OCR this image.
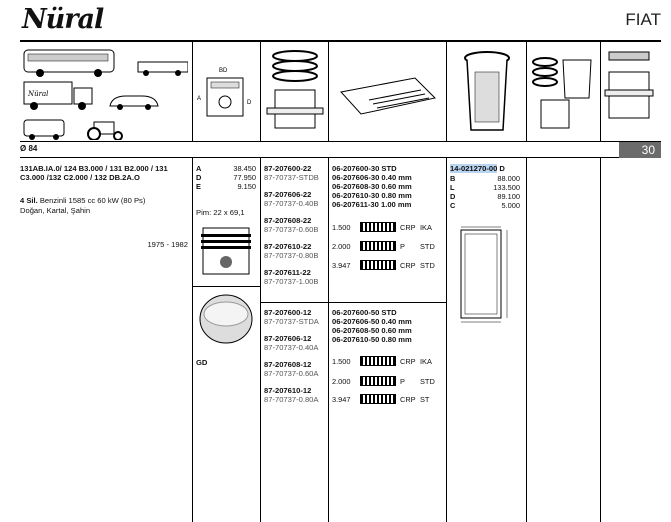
Nüral	FIAT
Nüral
BD
A
D
Ø 84	30
131AB.IA.0/ 124 B3.000 / 131 B2.000 / 131 C3.000 /132 C2.000 / 132 DB.2A.O
4 Sil. Benzinli 1585 cc 60 kW (80 Ps)
Doğan, Kartal, Şahin
1975 - 1982
A	38.450
D	77.950
E	9.150
Pim: 22 x 69,1
GD
87-207600-22
87-70737-STDB
87-207606-22
87-70737-0.40B
87-207608-22
87-70737-0.60B
87-207610-22
87-70737-0.80B
87-207611-22
87-70737-1.00B
87-207600-12
87-70737-STDA
87-207606-12
87-70737-0.40A
87-207608-12
87-70737-0.60A
87-207610-12
87-70737-0.80A
06-207600-30 STD
06-207606-30 0.40 mm
06-207608-30 0.60 mm
06-207610-30 0.80 mm
06-207611-30 1.00 mm
1.500	CRP IKA
2.000	P	STD
3.947	CRP STD
06-207600-50 STD
06-207606-50 0.40 mm
06-207608-50 0.60 mm
06-207610-50 0.80 mm
1.500	CRP IKA
2.000	P	STD
3.947	CRP ST
14-021270-00 D
B	88.000
L	133.500
D	89.100
C	5.000
